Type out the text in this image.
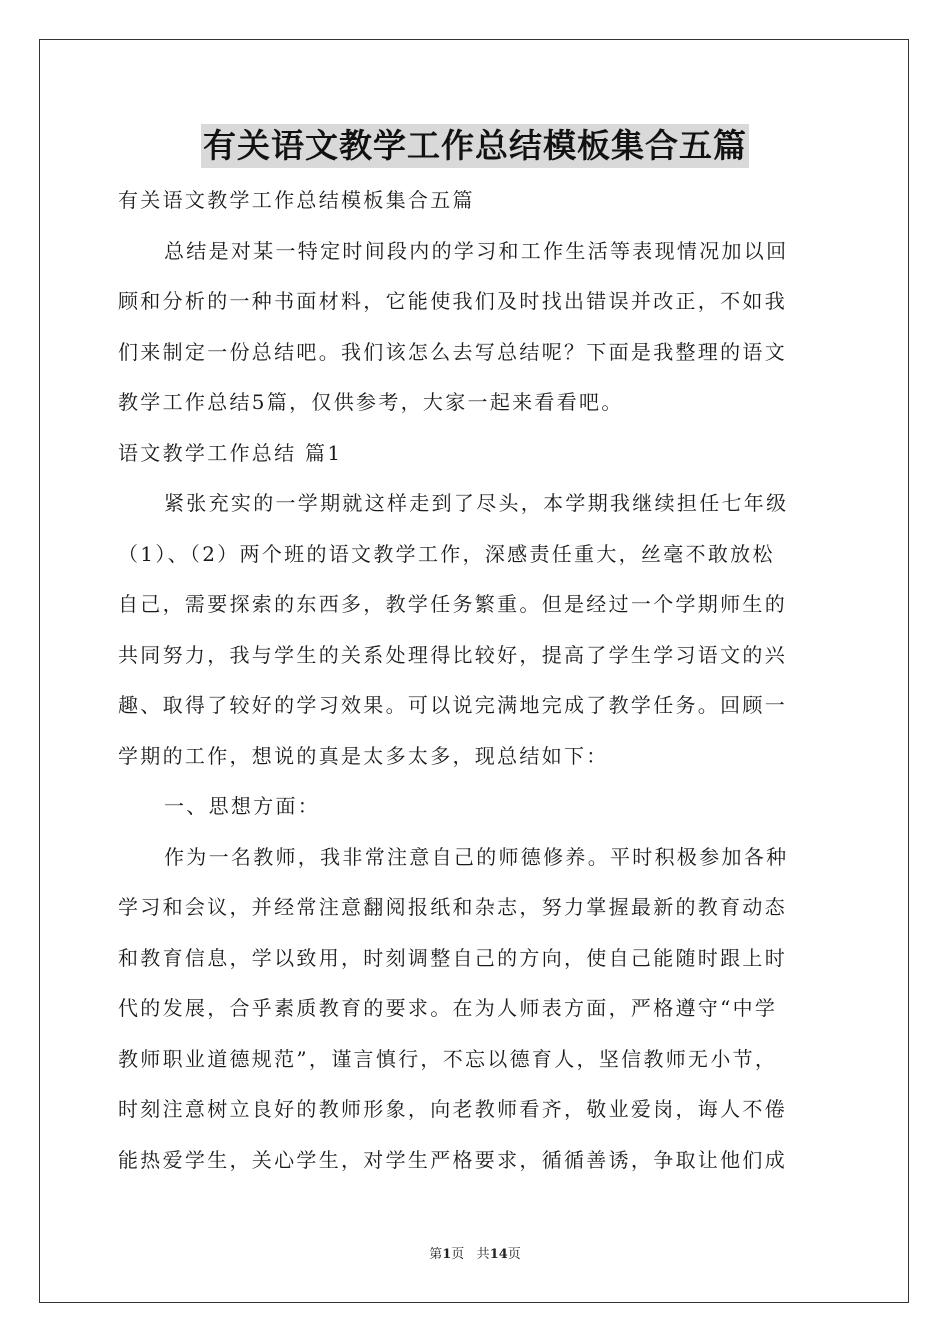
有关语文教学工作总结模板集合五篇
有关语文教学工作总结模板集合五篇
总结是对某一特定时间段内的学习和工作生活等表现情况加以回
顾和分析的一种书面材料，它能使我们及时找出错误并改正，不如我
们来制定一份总结吧。我们该怎么去写总结呢？下面是我整理的语文
教学工作总结5篇，仅供参考，大家一起来看看吧。
语文教学工作总结 篇1
紧张充实的一学期就这样走到了尽头，本学期我继续担任七年级
（1）、（2）两个班的语文教学工作，深感责任重大，丝毫不敢放松
自己，需要探索的东西多，教学任务繁重。但是经过一个学期师生的
共同努力，我与学生的关系处理得比较好，提高了学生学习语文的兴
趣、取得了较好的学习效果。可以说完满地完成了教学任务。回顾一
学期的工作，想说的真是太多太多，现总结如下：
一、思想方面：
作为一名教师，我非常注意自己的师德修养。平时积极参加各种
学习和会议，并经常注意翻阅报纸和杂志，努力掌握最新的教育动态
和教育信息，学以致用，时刻调整自己的方向，使自己能随时跟上时
代的发展，合乎素质教育的要求。在为人师表方面，严格遵守“中学
教师职业道德规范”，谨言慎行，不忘以德育人，坚信教师无小节，
时刻注意树立良好的教师形象，向老教师看齐，敬业爱岗，诲人不倦
能热爱学生，关心学生，对学生严格要求，循循善诱，争取让他们成
第1页 共14页
